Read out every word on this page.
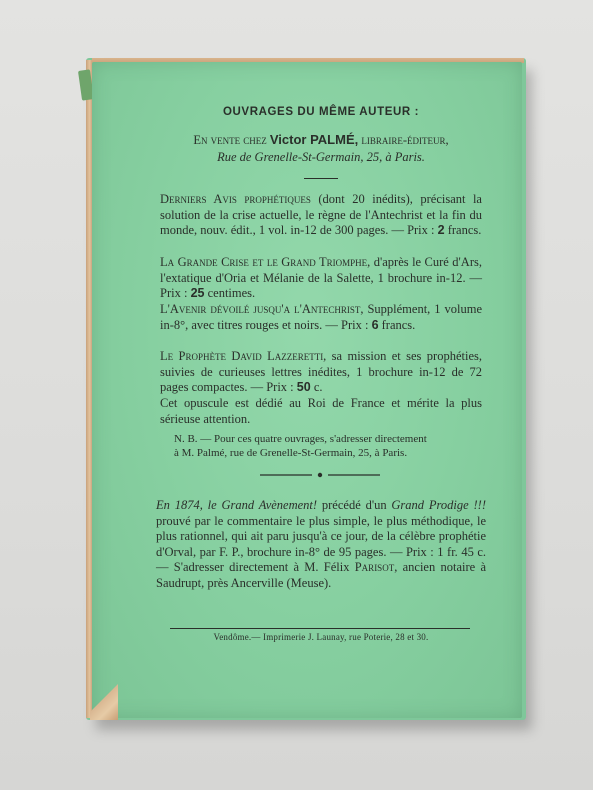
OUVRAGES DU MÊME AUTEUR :
En vente chez Victor PALMÉ, libraire-éditeur,
Rue de Grenelle-St-Germain, 25, à Paris.
Derniers Avis prophétiques (dont 20 inédits), précisant la solution de la crise actuelle, le règne de l'Antechrist et la fin du monde, nouv. édit., 1 vol. in-12 de 300 pages. — Prix : 2 francs.
La Grande Crise et le Grand Triomphe, d'après le Curé d'Ars, l'extatique d'Oria et Mélanie de la Salette, 1 brochure in-12. — Prix : 25 centimes.
L'Avenir dévoilé jusqu'a l'Antechrist, Supplément, 1 volume in-8°, avec titres rouges et noirs. — Prix : 6 francs.
Le Prophète David Lazzeretti, sa mission et ses prophéties, suivies de curieuses lettres inédites, 1 brochure in-12 de 72 pages compactes. — Prix : 50 c.
Cet opuscule est dédié au Roi de France et mérite la plus sérieuse attention.
N. B. — Pour ces quatre ouvrages, s'adresser directement
à M. Palmé, rue de Grenelle-St-Germain, 25, à Paris.
En 1874, le Grand Avènement! précédé d'un Grand Prodige !!! prouvé par le commentaire le plus simple, le plus méthodique, le plus rationnel, qui ait paru jusqu'à ce jour, de la célèbre prophétie d'Orval, par F. P., brochure in-8° de 95 pages. — Prix : 1 fr. 45 c. — S'adresser directement à M. Félix Parisot, ancien notaire à Saudrupt, près Ancerville (Meuse).
Vendôme.— Imprimerie J. Launay, rue Poterie, 28 et 30.
